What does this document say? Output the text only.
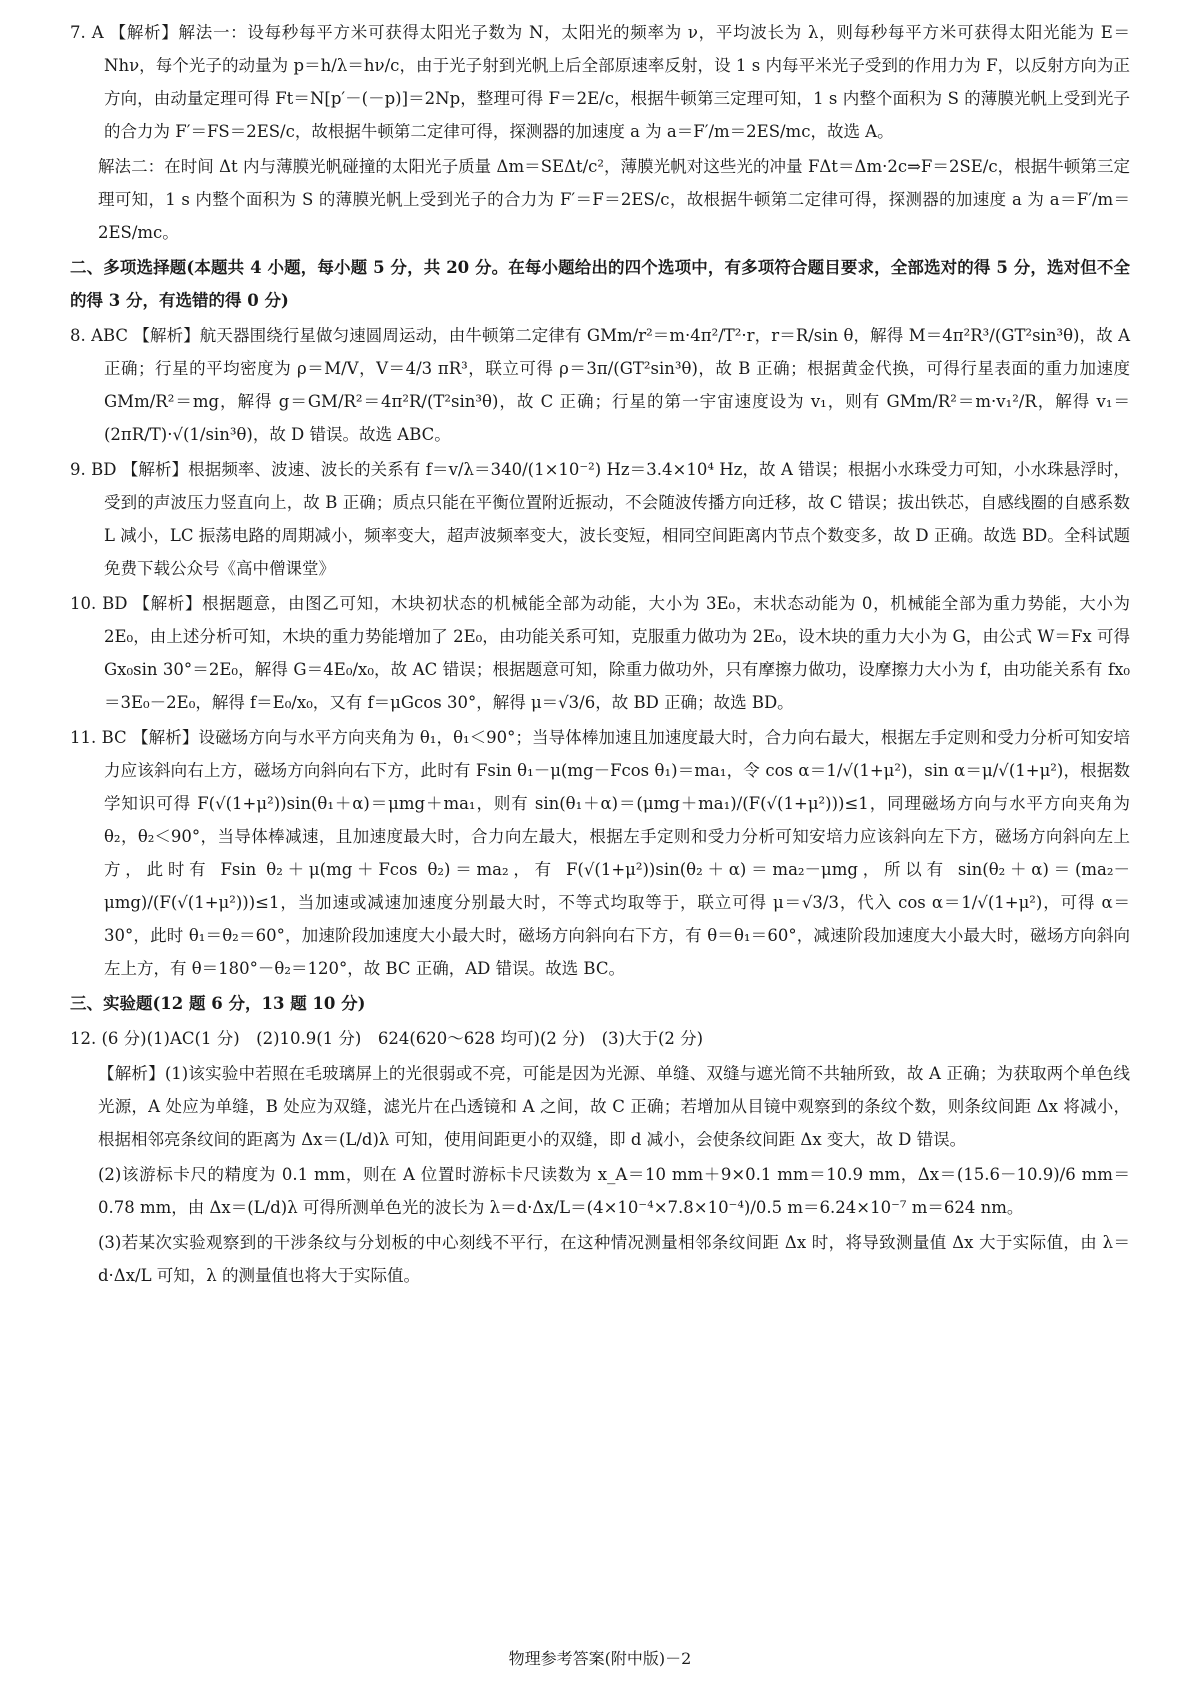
7. A 【解析】解法一：设每秒每平方米可获得太阳光子数为 N，太阳光的频率为 ν，平均波长为 λ，则每秒每平方米可获得太阳光能为 E＝Nhν，每个光子的动量为 p＝h/λ＝hν/c，由于光子射到光帆上后全部原速率反射，设 1 s 内每平米光子受到的作用力为 F，以反射方向为正方向，由动量定理可得 Ft＝N[p′－(－p)]＝2Np，整理可得 F＝2E/c，根据牛顿第三定理可知，1 s 内整个面积为 S 的薄膜光帆上受到光子的合力为 F′＝FS＝2ES/c，故根据牛顿第二定律可得，探测器的加速度 a 为 a＝F′/m＝2ES/mc，故选 A。

解法二：在时间 Δt 内与薄膜光帆碰撞的太阳光子质量 Δm＝SEΔt/c²，薄膜光帆对这些光的冲量 FΔt＝Δm·2c⇒F＝2SE/c，根据牛顿第三定理可知，1 s 内整个面积为 S 的薄膜光帆上受到光子的合力为 F′＝F＝2ES/c，故根据牛顿第二定律可得，探测器的加速度 a 为 a＝F′/m＝2ES/mc。

二、多项选择题(本题共 4 小题，每小题 5 分，共 20 分。在每小题给出的四个选项中，有多项符合题目要求，全部选对的得 5 分，选对但不全的得 3 分，有选错的得 0 分)

8. ABC 【解析】航天器围绕行星做匀速圆周运动，由牛顿第二定律有 GMm/r²＝m·4π²/T²·r，r＝R/sin θ，解得 M＝4π²R³/(GT²sin³θ)，故 A 正确；行星的平均密度为 ρ＝M/V，V＝4/3 πR³，联立可得 ρ＝3π/(GT²sin³θ)，故 B 正确；根据黄金代换，可得行星表面的重力加速度 GMm/R²＝mg，解得 g＝GM/R²＝4π²R/(T²sin³θ)，故 C 正确；行星的第一宇宙速度设为 v₁，则有 GMm/R²＝m·v₁²/R，解得 v₁＝(2πR/T)·√(1/sin³θ)，故 D 错误。故选 ABC。

9. BD 【解析】根据频率、波速、波长的关系有 f＝v/λ＝340/(1×10⁻²) Hz＝3.4×10⁴ Hz，故 A 错误；根据小水珠受力可知，小水珠悬浮时，受到的声波压力竖直向上，故 B 正确；质点只能在平衡位置附近振动，不会随波传播方向迁移，故 C 错误；拔出铁芯，自感线圈的自感系数 L 减小，LC 振荡电路的周期减小，频率变大，超声波频率变大，波长变短，相同空间距离内节点个数变多，故 D 正确。故选 BD。全科试题免费下载公众号《高中僧课堂》

10. BD 【解析】根据题意，由图乙可知，木块初状态的机械能全部为动能，大小为 3E₀，末状态动能为 0，机械能全部为重力势能，大小为 2E₀，由上述分析可知，木块的重力势能增加了 2E₀，由功能关系可知，克服重力做功为 2E₀，设木块的重力大小为 G，由公式 W＝Fx 可得 Gx₀sin 30°＝2E₀，解得 G＝4E₀/x₀，故 AC 错误；根据题意可知，除重力做功外，只有摩擦力做功，设摩擦力大小为 f，由功能关系有 fx₀＝3E₀－2E₀，解得 f＝E₀/x₀，又有 f＝μGcos 30°，解得 μ＝√3/6，故 BD 正确；故选 BD。

11. BC 【解析】设磁场方向与水平方向夹角为 θ₁，θ₁＜90°；当导体棒加速且加速度最大时，合力向右最大，根据左手定则和受力分析可知安培力应该斜向右上方，磁场方向斜向右下方，此时有 Fsin θ₁－μ(mg－Fcos θ₁)＝ma₁，令 cos α＝1/√(1+μ²)，sin α＝μ/√(1+μ²)，根据数学知识可得 F(√(1+μ²))sin(θ₁＋α)＝μmg＋ma₁，则有 sin(θ₁＋α)＝(μmg＋ma₁)/(F(√(1+μ²)))≤1，同理磁场方向与水平方向夹角为 θ₂，θ₂＜90°，当导体棒减速，且加速度最大时，合力向左最大，根据左手定则和受力分析可知安培力应该斜向左下方，磁场方向斜向左上方，此时有 Fsin θ₂＋μ(mg＋Fcos θ₂)＝ma₂，有 F(√(1+μ²))sin(θ₂＋α)＝ma₂－μmg，所以有 sin(θ₂＋α)＝(ma₂－μmg)/(F(√(1+μ²)))≤1，当加速或减速加速度分别最大时，不等式均取等于，联立可得 μ＝√3/3，代入 cos α＝1/√(1+μ²)，可得 α＝30°，此时 θ₁＝θ₂＝60°，加速阶段加速度大小最大时，磁场方向斜向右下方，有 θ＝θ₁＝60°，减速阶段加速度大小最大时，磁场方向斜向左上方，有 θ＝180°－θ₂＝120°，故 BC 正确，AD 错误。故选 BC。

三、实验题(12 题 6 分，13 题 10 分)

12. (6 分)(1)AC(1 分)　(2)10.9(1 分)　624(620～628 均可)(2 分)　(3)大于(2 分)

【解析】(1)该实验中若照在毛玻璃屏上的光很弱或不亮，可能是因为光源、单缝、双缝与遮光筒不共轴所致，故 A 正确；为获取两个单色线光源，A 处应为单缝，B 处应为双缝，滤光片在凸透镜和 A 之间，故 C 正确；若增加从目镜中观察到的条纹个数，则条纹间距 Δx 将减小，根据相邻亮条纹间的距离为 Δx＝(L/d)λ 可知，使用间距更小的双缝，即 d 减小，会使条纹间距 Δx 变大，故 D 错误。

(2)该游标卡尺的精度为 0.1 mm，则在 A 位置时游标卡尺读数为 x_A＝10 mm＋9×0.1 mm＝10.9 mm，Δx＝(15.6－10.9)/6 mm＝0.78 mm，由 Δx＝(L/d)λ 可得所测单色光的波长为 λ＝d·Δx/L＝(4×10⁻⁴×7.8×10⁻⁴)/0.5 m＝6.24×10⁻⁷ m＝624 nm。

(3)若某次实验观察到的干涉条纹与分划板的中心刻线不平行，在这种情况测量相邻条纹间距 Δx 时，将导致测量值 Δx 大于实际值，由 λ＝d·Δx/L 可知，λ 的测量值也将大于实际值。

物理参考答案(附中版)－2
